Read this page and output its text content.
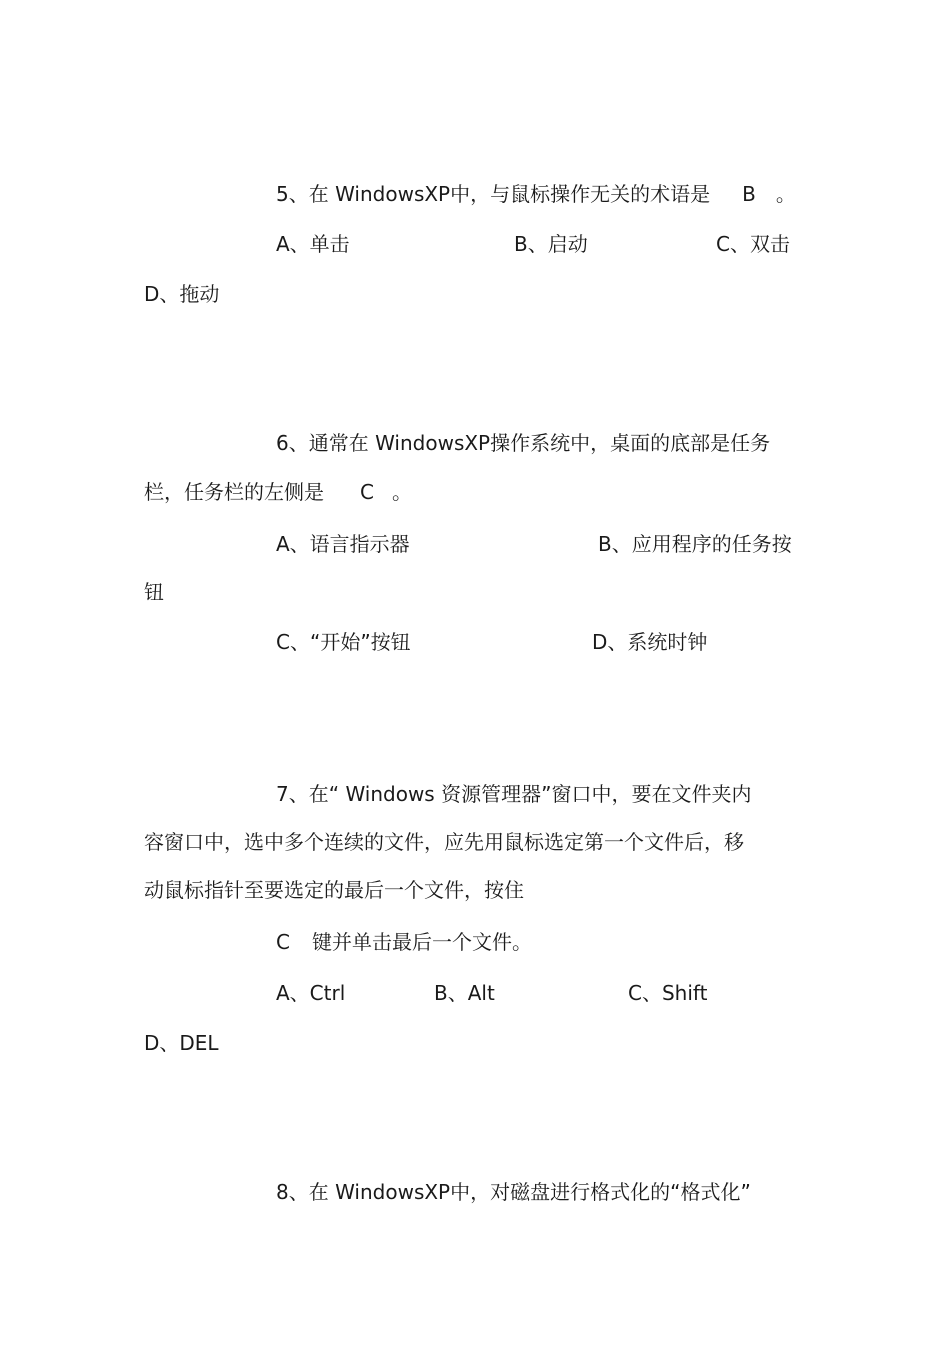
5、在 WindowsXP中，与鼠标操作无关的术语是 B 。
A、单击	B、启动	C、双击
D、拖动
6、通常在 WindowsXP操作系统中，桌面的底部是任务
栏，任务栏的左侧是 C 。
A、语言指示器	B、应用程序的任务按
钮
C、“开始”按钮	D、系统时钟
7、在“ Windows 资源管理器”窗口中，要在文件夹内
容窗口中，选中多个连续的文件，应先用鼠标选定第一个文件后，移
动鼠标指针至要选定的最后一个文件，按住
C 键并单击最后一个文件。
A、Ctrl	B、Alt	C、Shift
D、DEL
8、在 WindowsXP中，对磁盘进行格式化的“格式化”
